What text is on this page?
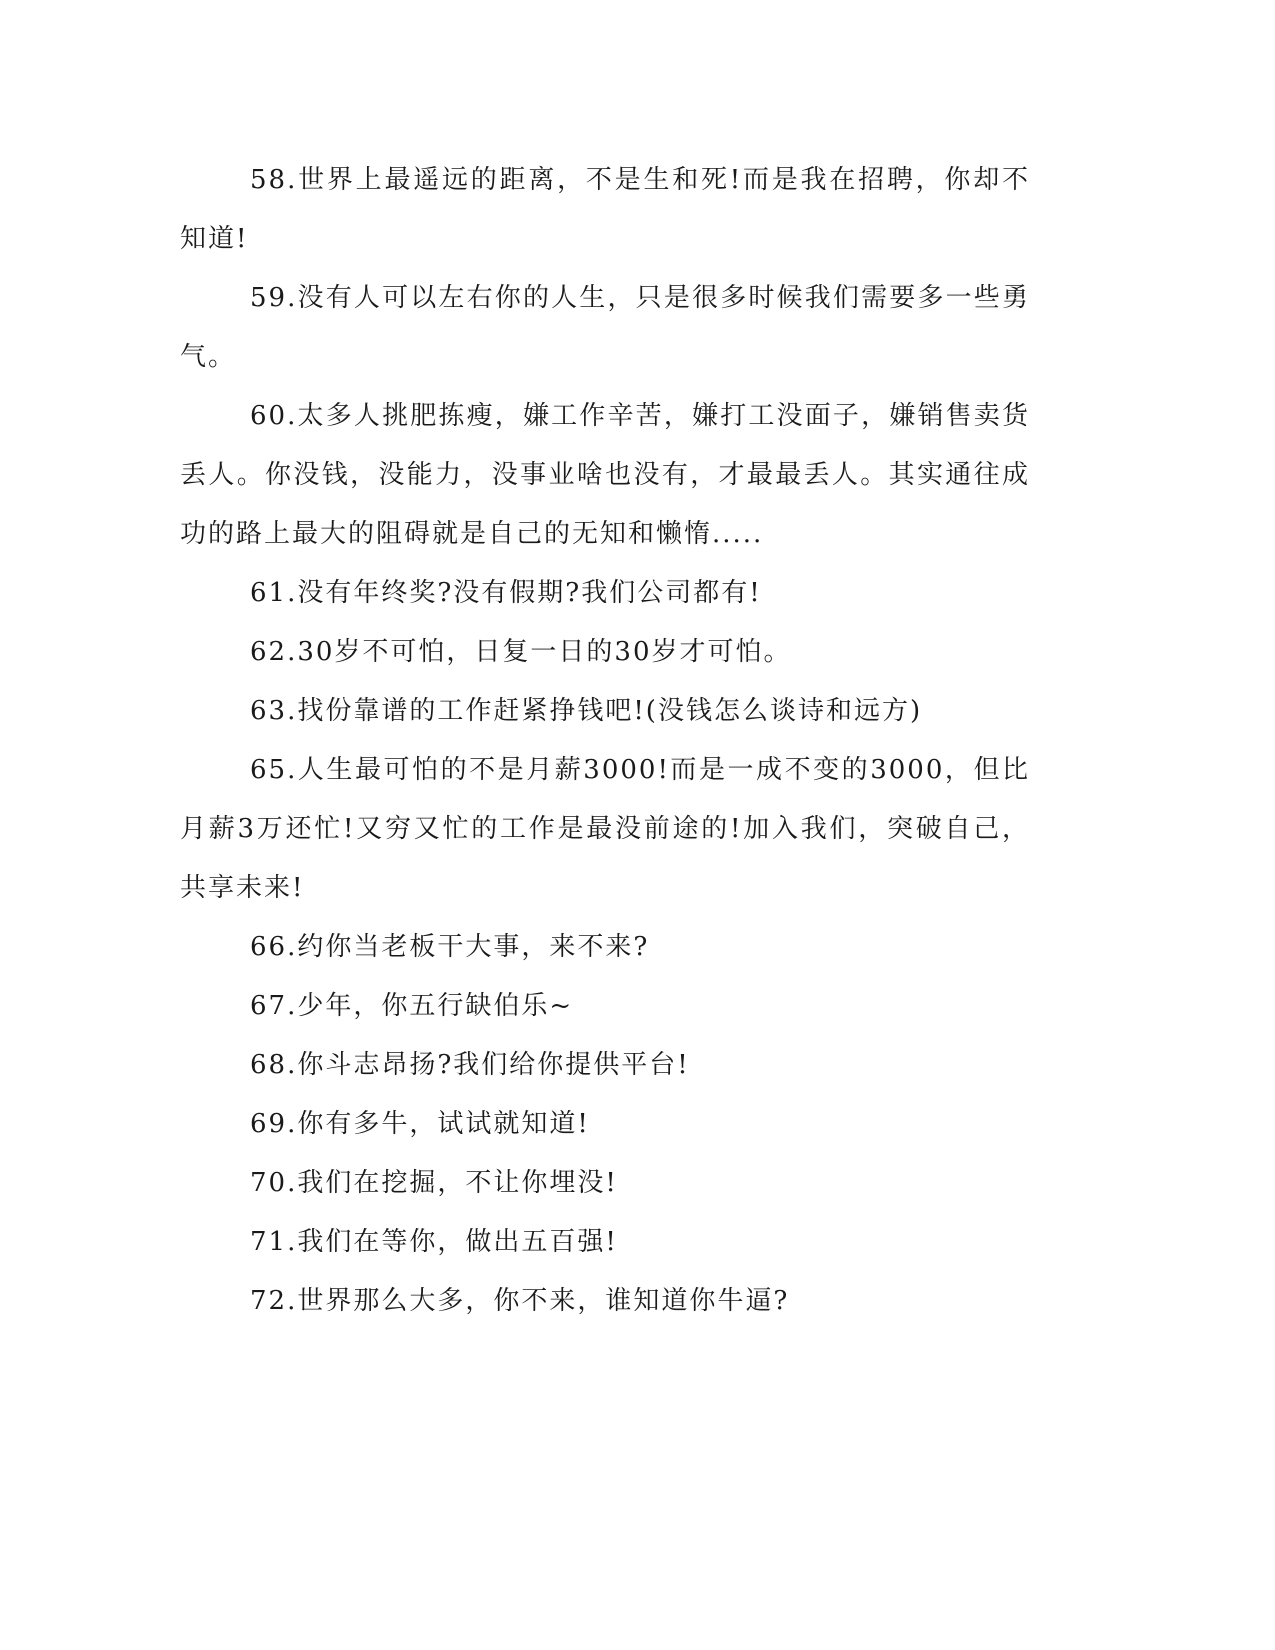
58.世界上最遥远的距离，不是生和死!而是我在招聘，你却不知道!

59.没有人可以左右你的人生，只是很多时候我们需要多一些勇气。

60.太多人挑肥拣瘦，嫌工作辛苦，嫌打工没面子，嫌销售卖货丢人。你没钱，没能力，没事业啥也没有，才最最丢人。其实通往成功的路上最大的阻碍就是自己的无知和懒惰.....

61.没有年终奖?没有假期?我们公司都有!

62.30岁不可怕，日复一日的30岁才可怕。

63.找份靠谱的工作赶紧挣钱吧!(没钱怎么谈诗和远方)

65.人生最可怕的不是月薪3000!而是一成不变的3000，但比月薪3万还忙!又穷又忙的工作是最没前途的!加入我们，突破自己，共享未来!

66.约你当老板干大事，来不来?

67.少年，你五行缺伯乐~

68.你斗志昂扬?我们给你提供平台!

69.你有多牛，试试就知道!

70.我们在挖掘，不让你埋没!

71.我们在等你，做出五百强!

72.世界那么大多，你不来，谁知道你牛逼?
